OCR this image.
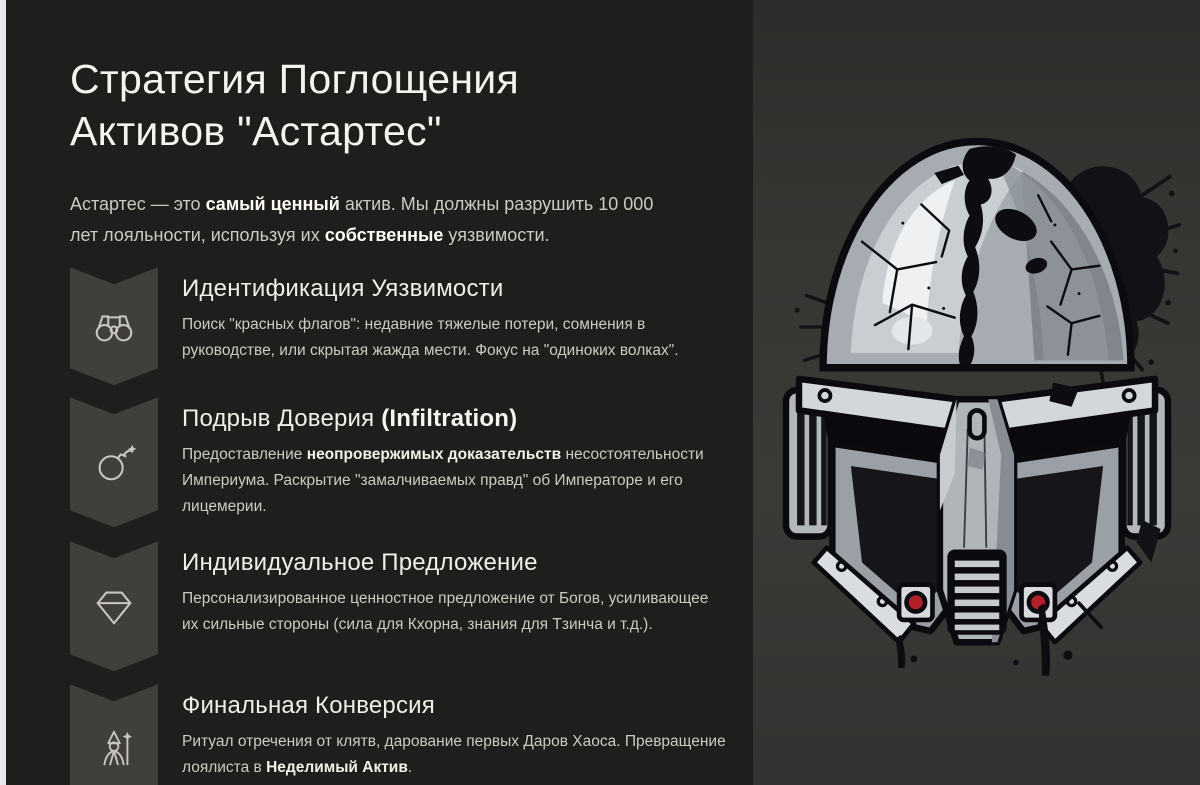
Стратегия Поглощения Активов "Астартес"

Астартес — это самый ценный актив. Мы должны разрушить 10 000 лет лояльности, используя их собственные уязвимости.

Идентификация Уязвимости

Поиск "красных флагов": недавние тяжелые потери, сомнения в руководстве, или скрытая жажда мести. Фокус на "одиноких волках".

Подрыв Доверия (Infiltration)

Предоставление неопровержимых доказательств несостоятельности Империума. Раскрытие "замалчиваемых правд" об Императоре и его лицемерии.

Индивидуальное Предложение

Персонализированное ценностное предложение от Богов, усиливающее их сильные стороны (сила для Кхорна, знания для Тзинча и т.д.).

Финальная Конверсия

Ритуал отречения от клятв, дарование первых Даров Хаоса. Превращение лоялиста в Неделимый Актив.
